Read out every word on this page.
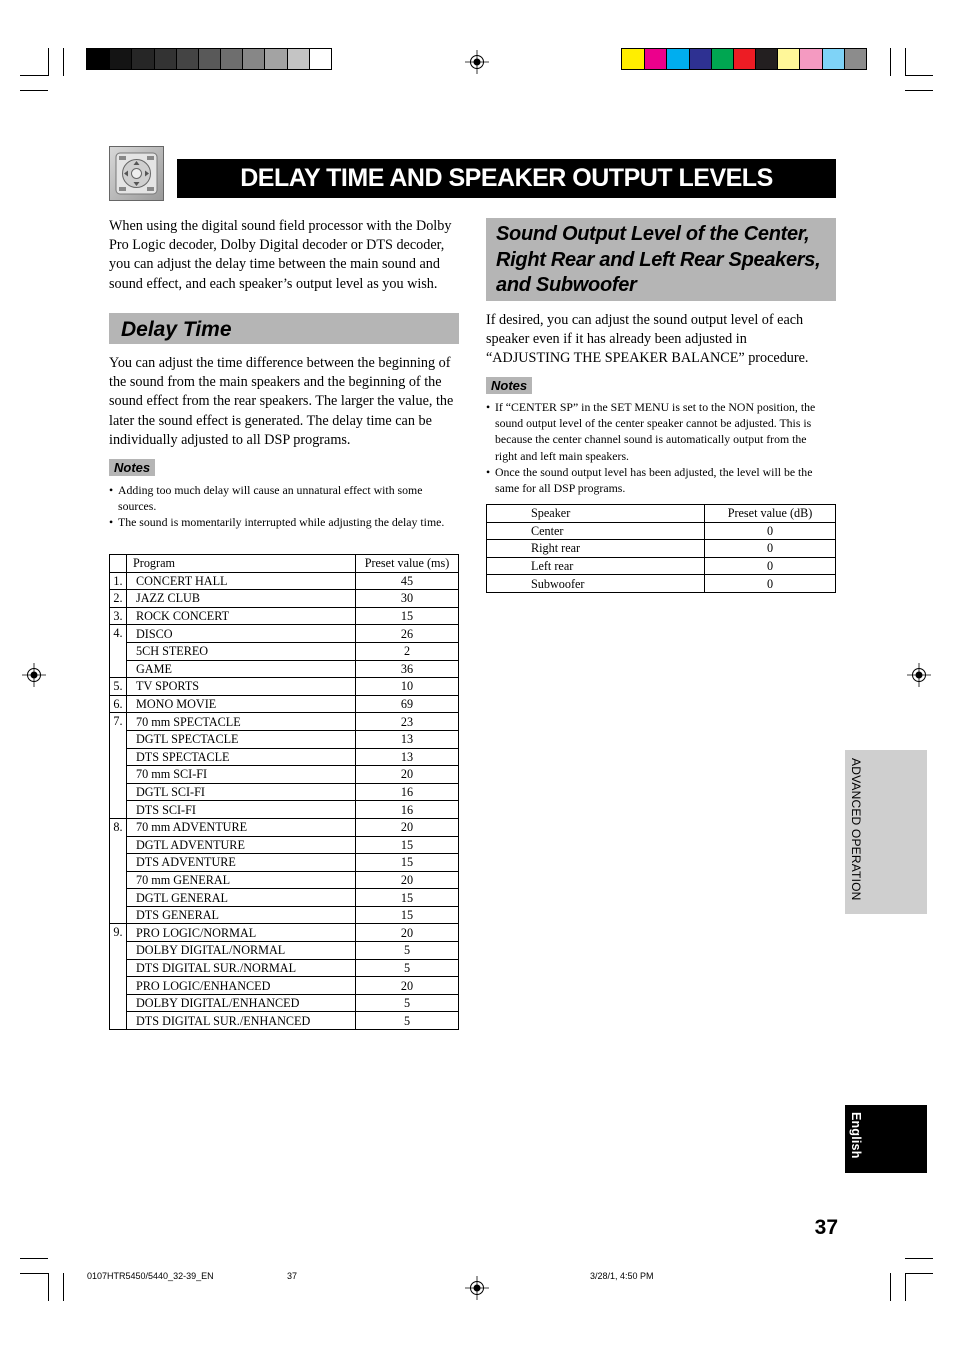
DELAY TIME AND SPEAKER OUTPUT LEVELS

When using the digital sound field processor with the Dolby Pro Logic decoder, Dolby Digital decoder or DTS decoder, you can adjust the delay time between the main sound and sound effect, and each speaker’s output level as you wish.

Delay Time

You can adjust the time difference between the beginning of the sound from the main speakers and the beginning of the sound effect from the rear speakers. The larger the value, the later the sound effect is generated. The delay time can be individually adjusted to all DSP programs.

Notes
• Adding too much delay will cause an unnatural effect with some sources.
• The sound is momentarily interrupted while adjusting the delay time.
	Program	Preset value (ms)
1.	CONCERT HALL	45
2.	JAZZ CLUB	30
3.	ROCK CONCERT	15
4.	DISCO	26
	5CH STEREO	2
	GAME	36
5.	TV SPORTS	10
6.	MONO MOVIE	69
7.	70 mm SPECTACLE	23
	DGTL SPECTACLE	13
	DTS SPECTACLE	13
	70 mm SCI-FI	20
	DGTL SCI-FI	16
	DTS SCI-FI	16
8.	70 mm ADVENTURE	20
	DGTL ADVENTURE	15
	DTS ADVENTURE	15
	70 mm GENERAL	20
	DGTL GENERAL	15
	DTS GENERAL	15
9.	PRO LOGIC/NORMAL	20
	DOLBY DIGITAL/NORMAL	5
	DTS DIGITAL SUR./NORMAL	5
	PRO LOGIC/ENHANCED	20
	DOLBY DIGITAL/ENHANCED	5
	DTS DIGITAL SUR./ENHANCED	5
Sound Output Level of the Center, Right Rear and Left Rear Speakers, and Subwoofer

If desired, you can adjust the sound output level of each speaker even if it has already been adjusted in “ADJUSTING THE SPEAKER BALANCE” procedure.

Notes
• If “CENTER SP” in the SET MENU is set to the NON position, the sound output level of the center speaker cannot be adjusted. This is because the center channel sound is automatically output from the right and left main speakers.
• Once the sound output level has been adjusted, the level will be the same for all DSP programs.
Speaker	Preset value (dB)
Center	0
Right rear	0
Left rear	0
Subwoofer	0
ADVANCED OPERATION
English
37
0107HTR5450/5440_32-39_EN	37	3/28/1, 4:50 PM
